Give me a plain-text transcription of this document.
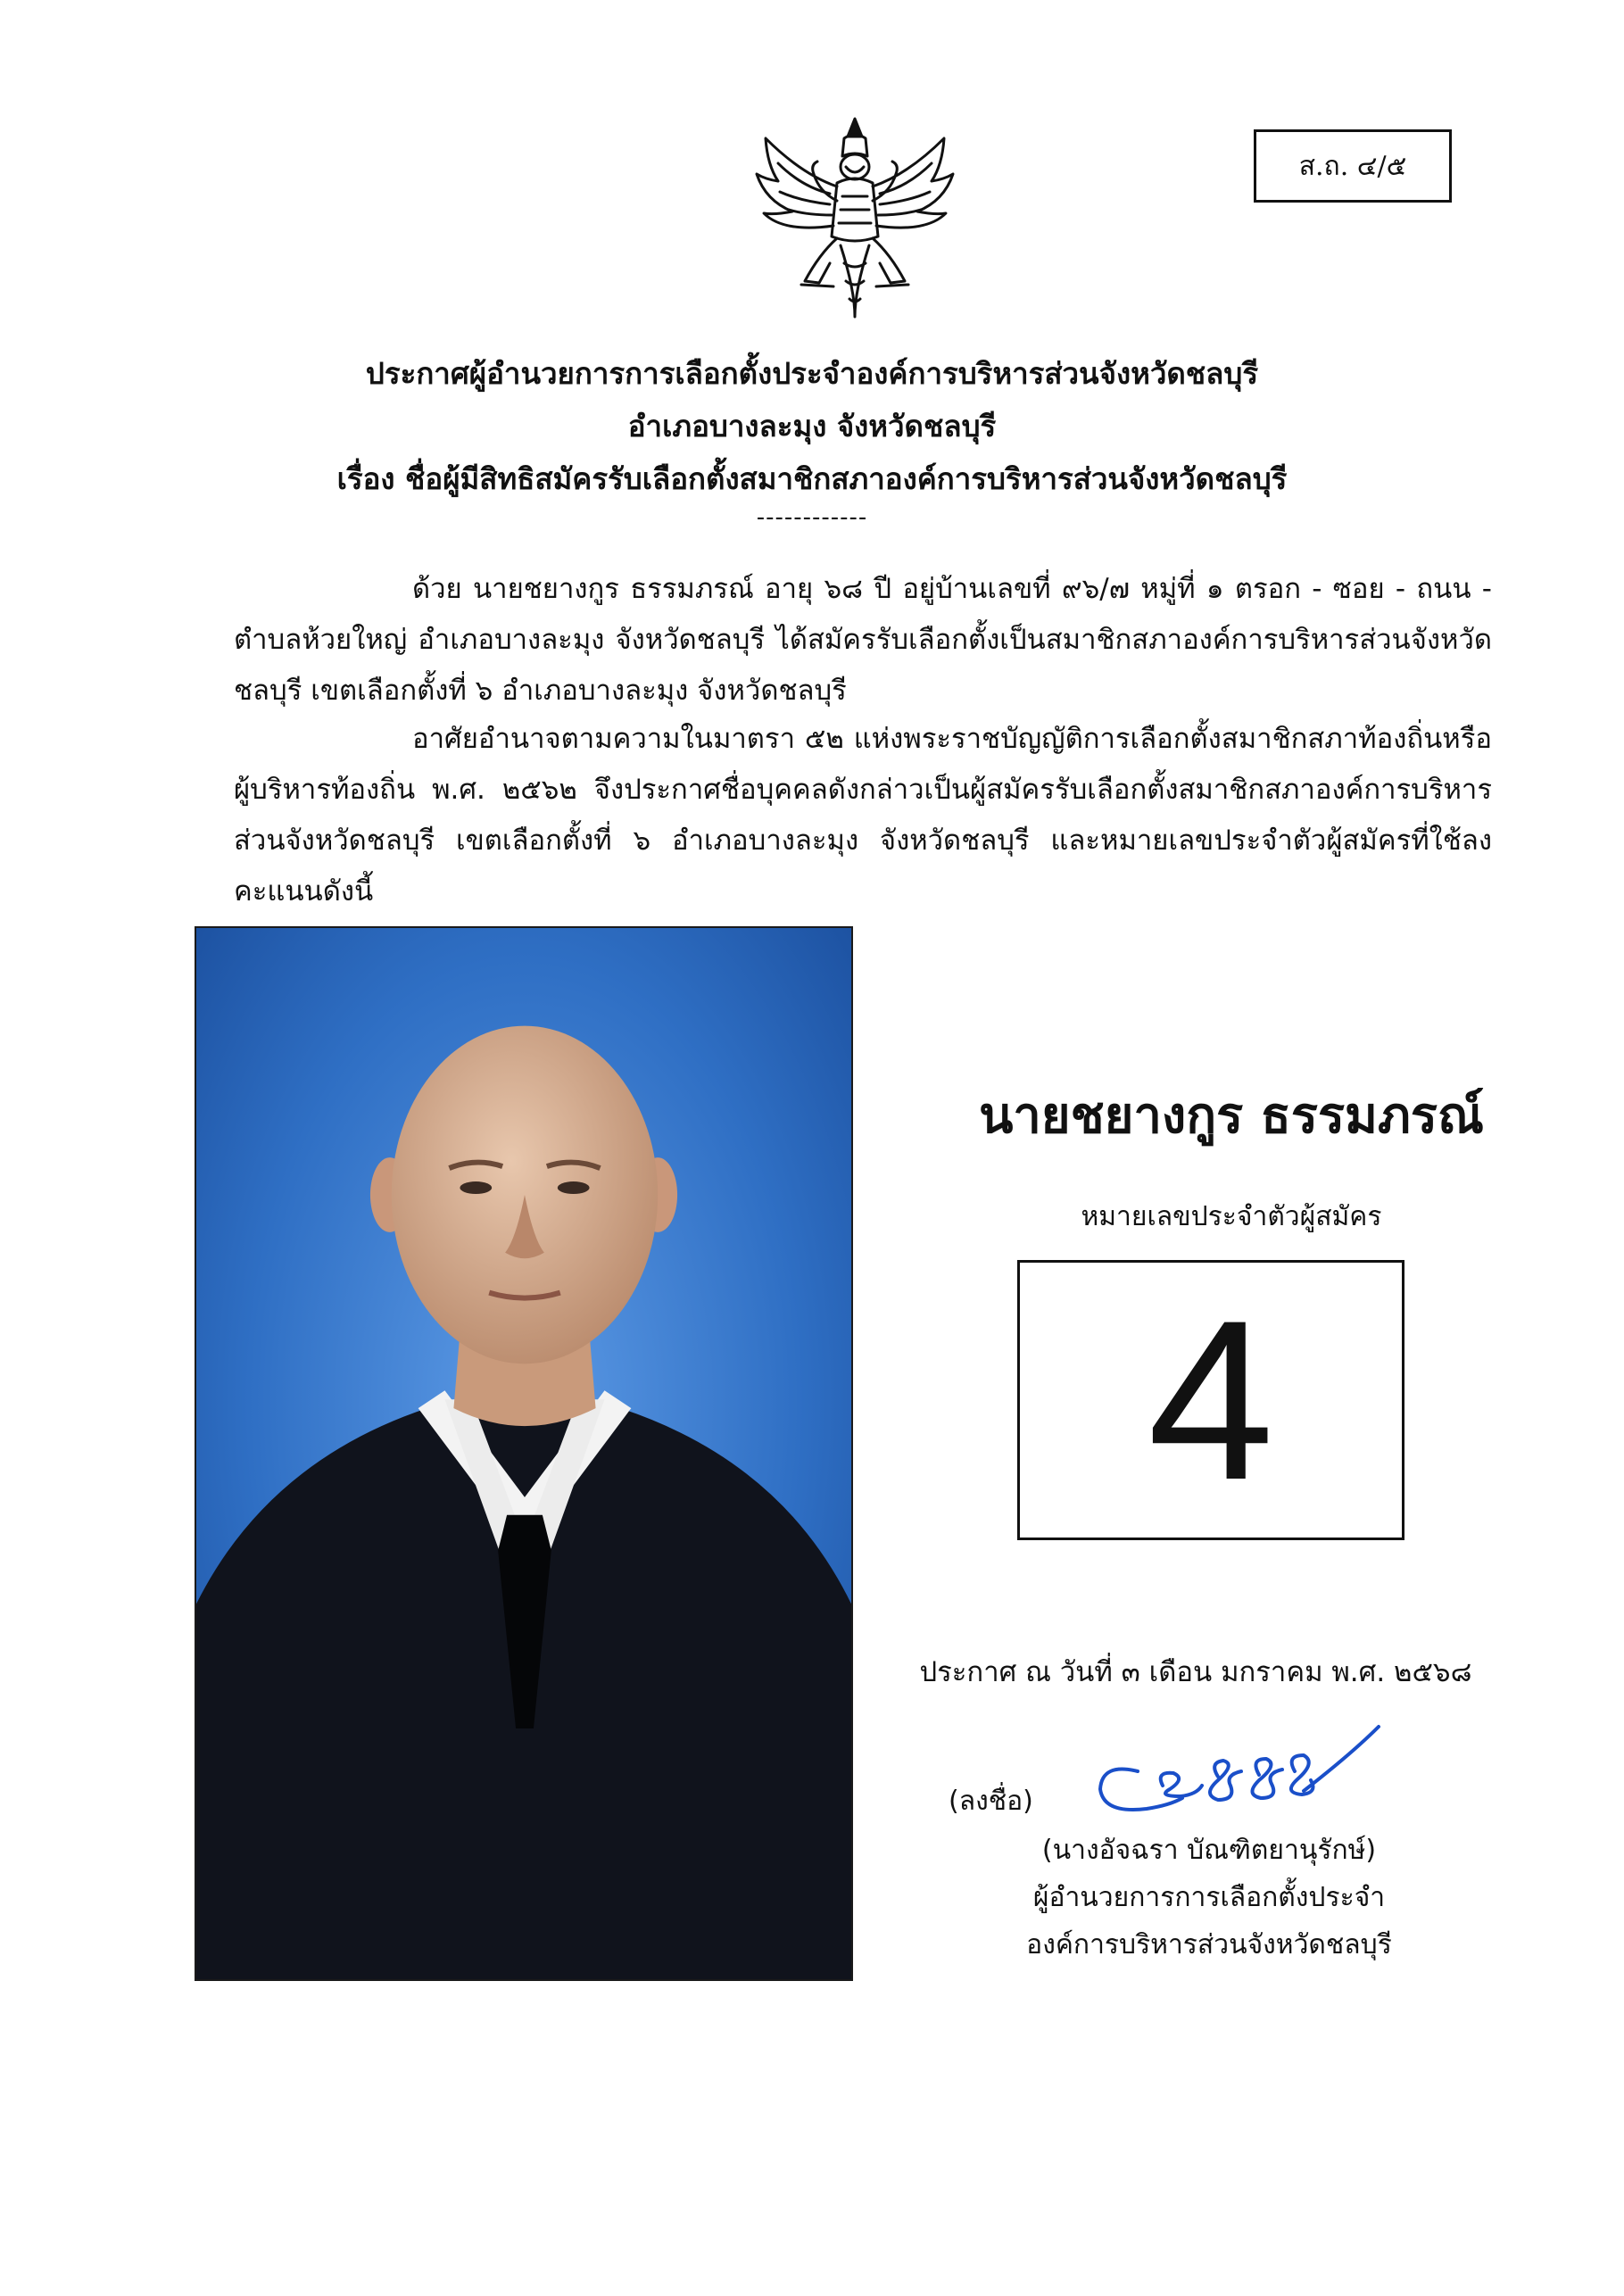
ส.ถ. ๔/๕
ประกาศผู้อำนวยการการเลือกตั้งประจำองค์การบริหารส่วนจังหวัดชลบุรี
อำเภอบางละมุง จังหวัดชลบุรี
เรื่อง ชื่อผู้มีสิทธิสมัครรับเลือกตั้งสมาชิกสภาองค์การบริหารส่วนจังหวัดชลบุรี
------------
ด้วย นายชยางกูร ธรรมภรณ์ อายุ ๖๘ ปี อยู่บ้านเลขที่ ๙๖/๗ หมู่ที่ ๑ ตรอก - ซอย - ถนน - ตำบลห้วยใหญ่ อำเภอบางละมุง จังหวัดชลบุรี ได้สมัครรับเลือกตั้งเป็นสมาชิกสภาองค์การบริหารส่วนจังหวัดชลบุรี เขตเลือกตั้งที่ ๖ อำเภอบางละมุง จังหวัดชลบุรี
อาศัยอำนาจตามความในมาตรา ๕๒ แห่งพระราชบัญญัติการเลือกตั้งสมาชิกสภาท้องถิ่นหรือผู้บริหารท้องถิ่น พ.ศ. ๒๕๖๒ จึงประกาศชื่อบุคคลดังกล่าวเป็นผู้สมัครรับเลือกตั้งสมาชิกสภาองค์การบริหารส่วนจังหวัดชลบุรี เขตเลือกตั้งที่ ๖ อำเภอบางละมุง จังหวัดชลบุรี และหมายเลขประจำตัวผู้สมัครที่ใช้ลงคะแนนดังนี้
นายชยางกูร ธรรมภรณ์
หมายเลขประจำตัวผู้สมัคร
4
ประกาศ ณ วันที่ ๓ เดือน มกราคม พ.ศ. ๒๕๖๘
(ลงชื่อ)
(นางอัจฉรา บัณฑิตยานุรักษ์)
ผู้อำนวยการการเลือกตั้งประจำ
องค์การบริหารส่วนจังหวัดชลบุรี
